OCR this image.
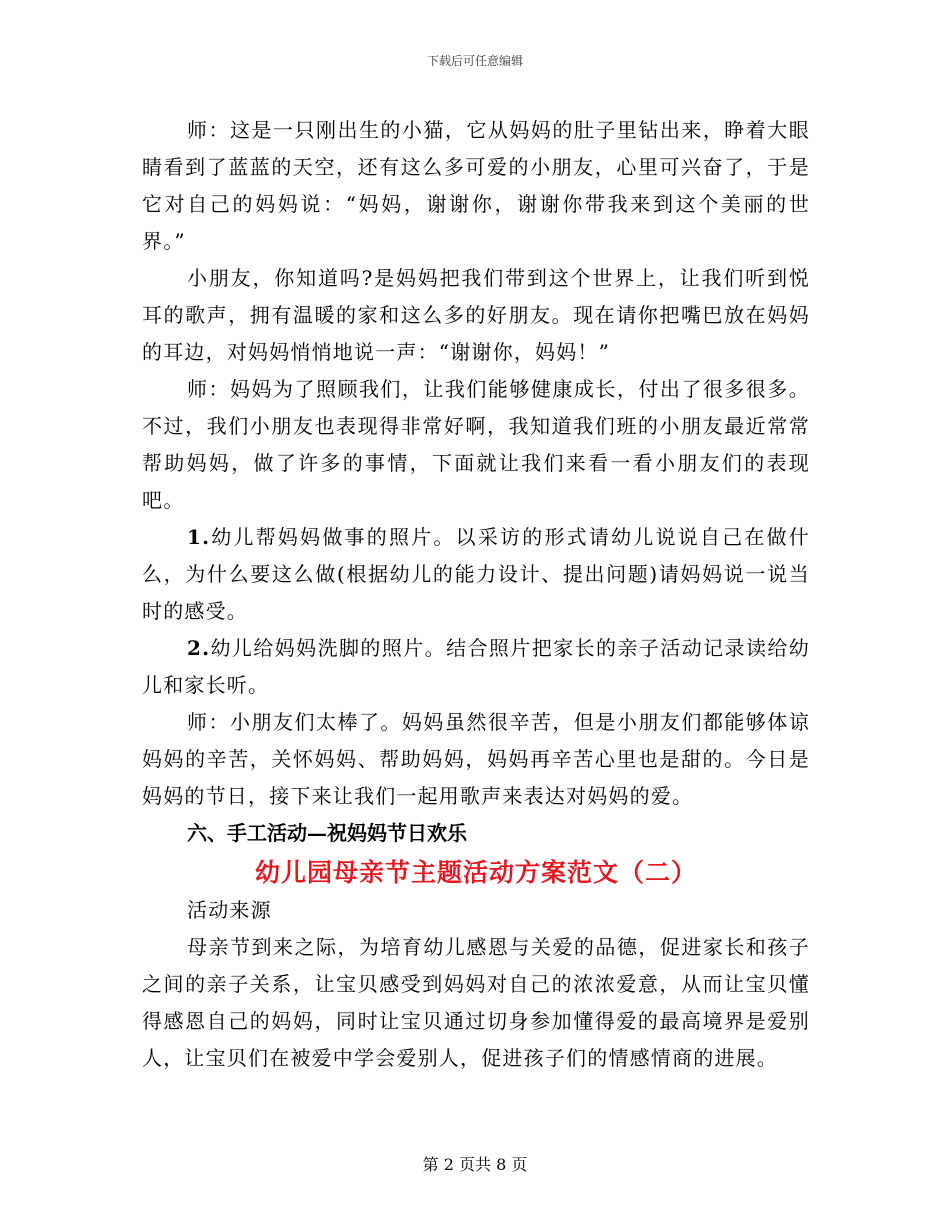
下载后可任意编辑

师：这是一只刚出生的小猫，它从妈妈的肚子里钻出来，睁着大眼睛看到了蓝蓝的天空，还有这么多可爱的小朋友，心里可兴奋了，于是它对自己的妈妈说：“妈妈，谢谢你，谢谢你带我来到这个美丽的世界。”

小朋友，你知道吗?是妈妈把我们带到这个世界上，让我们听到悦耳的歌声，拥有温暖的家和这么多的好朋友。现在请你把嘴巴放在妈妈的耳边，对妈妈悄悄地说一声：“谢谢你，妈妈！”

师：妈妈为了照顾我们，让我们能够健康成长，付出了很多很多。不过，我们小朋友也表现得非常好啊，我知道我们班的小朋友最近常常帮助妈妈，做了许多的事情，下面就让我们来看一看小朋友们的表现吧。

1.幼儿帮妈妈做事的照片。以采访的形式请幼儿说说自己在做什么，为什么要这么做(根据幼儿的能力设计、提出问题)请妈妈说一说当时的感受。

2.幼儿给妈妈洗脚的照片。结合照片把家长的亲子活动记录读给幼儿和家长听。

师：小朋友们太棒了。妈妈虽然很辛苦，但是小朋友们都能够体谅妈妈的辛苦，关怀妈妈、帮助妈妈，妈妈再辛苦心里也是甜的。今日是妈妈的节日，接下来让我们一起用歌声来表达对妈妈的爱。

六、手工活动—祝妈妈节日欢乐

幼儿园母亲节主题活动方案范文（二）

活动来源

母亲节到来之际，为培育幼儿感恩与关爱的品德，促进家长和孩子之间的亲子关系，让宝贝感受到妈妈对自己的浓浓爱意，从而让宝贝懂得感恩自己的妈妈，同时让宝贝通过切身参加懂得爱的最高境界是爱别人，让宝贝们在被爱中学会爱别人，促进孩子们的情感情商的进展。

第 2 页共 8 页
